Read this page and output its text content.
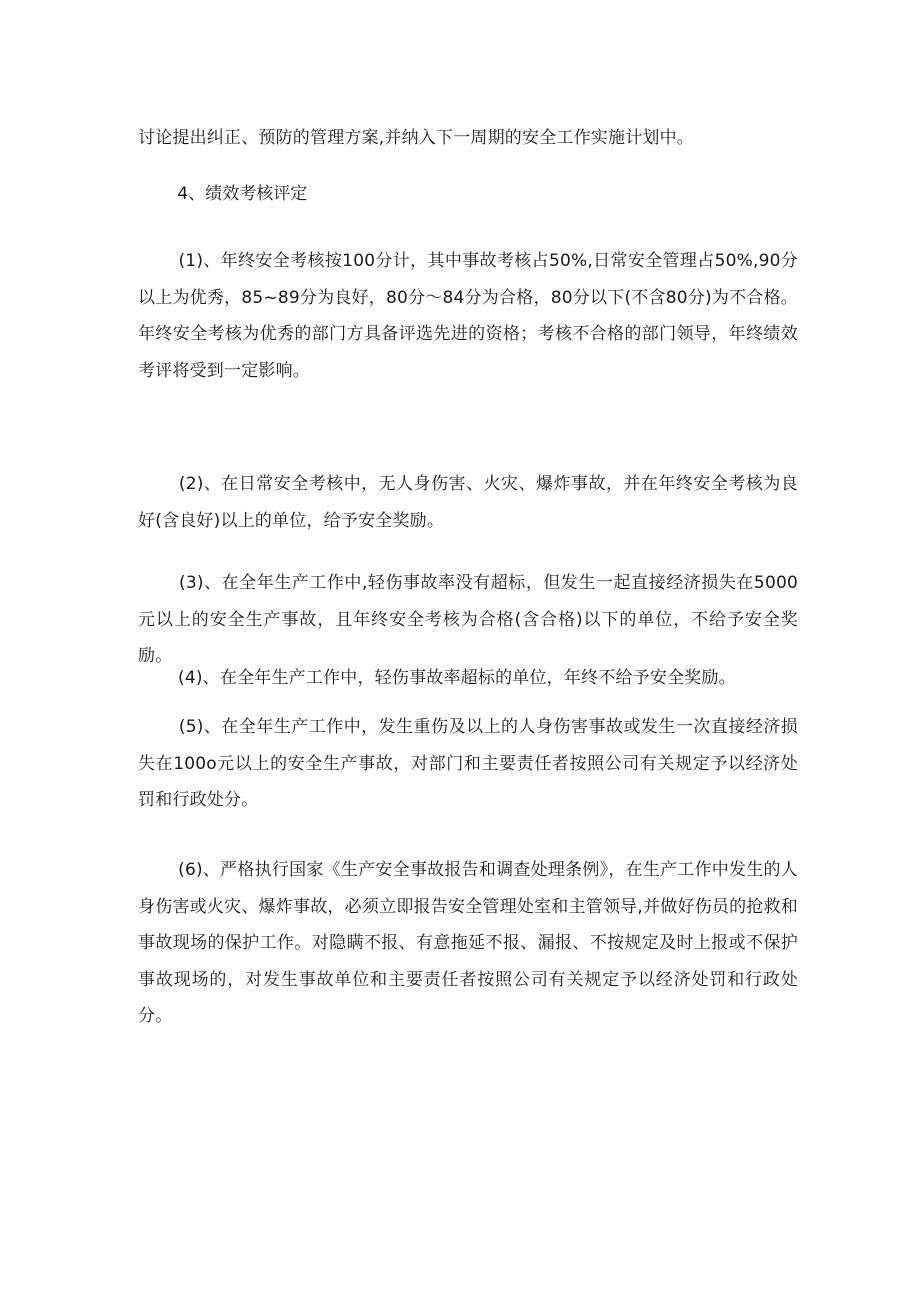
讨论提出纠正、预防的管理方案,并纳入下一周期的安全工作实施计划中。

　　 4、绩效考核评定

　　 (1)、年终安全考核按100分计，其中事故考核占50%,日常安全管理占50%,90分以上为优秀，85~89分为良好，80分〜84分为合格，80分以下(不含80分)为不合格。年终安全考核为优秀的部门方具备评选先进的资格；考核不合格的部门领导，年终绩效考评将受到一定影响。

　　 (2)、在日常安全考核中，无人身伤害、火灾、爆炸事故，并在年终安全考核为良好(含良好)以上的单位，给予安全奖励。

　　 (3)、在全年生产工作中,轻伤事故率没有超标，但发生一起直接经济损失在5000元以上的安全生产事故，且年终安全考核为合格(含合格)以下的单位，不给予安全奖励。

　　 (4)、在全年生产工作中，轻伤事故率超标的单位，年终不给予安全奖励。

　　 (5)、在全年生产工作中，发生重伤及以上的人身伤害事故或发生一次直接经济损失在100o元以上的安全生产事故，对部门和主要责任者按照公司有关规定予以经济处罚和行政处分。

　　 (6)、严格执行国家《生产安全事故报告和调查处理条例》，在生产工作中发生的人身伤害或火灾、爆炸事故，必须立即报告安全管理处室和主管领导,并做好伤员的抢救和事故现场的保护工作。对隐瞒不报、有意拖延不报、漏报、不按规定及时上报或不保护事故现场的，对发生事故单位和主要责任者按照公司有关规定予以经济处罚和行政处分。
